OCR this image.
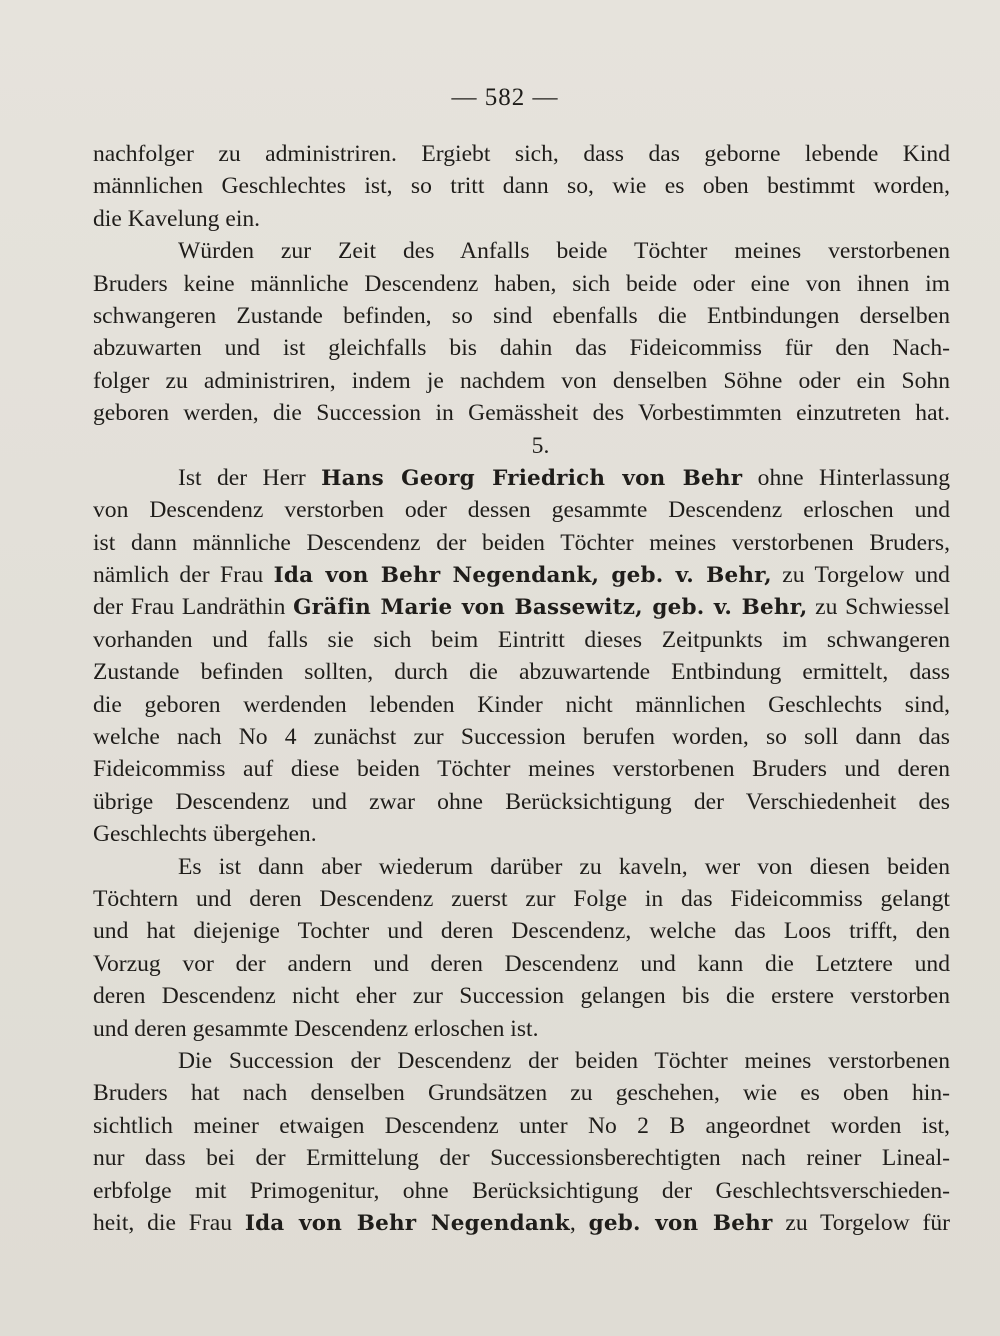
— 582 —
nachfolger zu administriren. Ergiebt sich, dass das geborne lebende Kind
männlichen Geschlechtes ist, so tritt dann so, wie es oben bestimmt worden,
die Kavelung ein.
Würden zur Zeit des Anfalls beide Töchter meines verstorbenen
Bruders keine männliche Descendenz haben, sich beide oder eine von ihnen im
schwangeren Zustande befinden, so sind ebenfalls die Entbindungen derselben
abzuwarten und ist gleichfalls bis dahin das Fideicommiss für den Nach-
folger zu administriren, indem je nachdem von denselben Söhne oder ein Sohn
geboren werden, die Succession in Gemässheit des Vorbestimmten einzutreten hat.
5.
Ist der Herr Hans Georg Friedrich von Behr ohne Hinterlassung
von Descendenz verstorben oder dessen gesammte Descendenz erloschen und
ist dann männliche Descendenz der beiden Töchter meines verstorbenen Bruders,
nämlich der Frau Ida von Behr Negendank, geb. v. Behr, zu Torgelow und
der Frau Landräthin Gräfin Marie von Bassewitz, geb. v. Behr, zu Schwiessel
vorhanden und falls sie sich beim Eintritt dieses Zeitpunkts im schwangeren
Zustande befinden sollten, durch die abzuwartende Entbindung ermittelt, dass
die geboren werdenden lebenden Kinder nicht männlichen Geschlechts sind,
welche nach No 4 zunächst zur Succession berufen worden, so soll dann das
Fideicommiss auf diese beiden Töchter meines verstorbenen Bruders und deren
übrige Descendenz und zwar ohne Berücksichtigung der Verschiedenheit des
Geschlechts übergehen.
Es ist dann aber wiederum darüber zu kaveln, wer von diesen beiden
Töchtern und deren Descendenz zuerst zur Folge in das Fideicommiss gelangt
und hat diejenige Tochter und deren Descendenz, welche das Loos trifft, den
Vorzug vor der andern und deren Descendenz und kann die Letztere und
deren Descendenz nicht eher zur Succession gelangen bis die erstere verstorben
und deren gesammte Descendenz erloschen ist.
Die Succession der Descendenz der beiden Töchter meines verstorbenen
Bruders hat nach denselben Grundsätzen zu geschehen, wie es oben hin-
sichtlich meiner etwaigen Descendenz unter No 2 B angeordnet worden ist,
nur dass bei der Ermittelung der Successionsberechtigten nach reiner Lineal-
erbfolge mit Primogenitur, ohne Berücksichtigung der Geschlechtsverschieden-
heit, die Frau Ida von Behr Negendank, geb. von Behr zu Torgelow für
